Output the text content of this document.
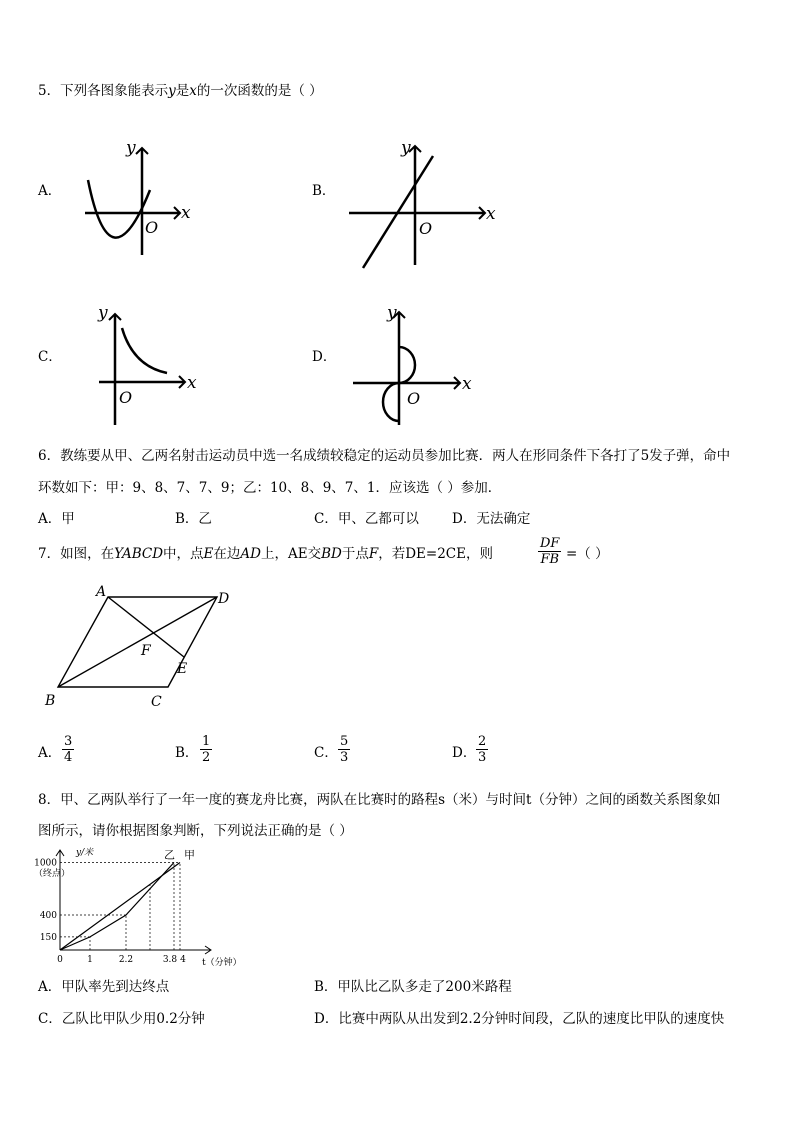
5．下列各图象能表示y是x的一次函数的是（ ）
A．
x
y
O
B．
x
y
O
C．
x
y
O
D．
x
y
O
6．教练要从甲、乙两名射击运动员中选一名成绩较稳定的运动员参加比赛．两人在形同条件下各打了5发子弹，命中
环数如下：甲：9、8、7、7、9；乙：10、8、9、7、1．应该选（ ）参加．
A．甲	B．乙	C．甲、乙都可以 D．无法确定
7．如图，在YABCD中，点E在边AD上，AE交BD于点F，若DE=2CE，则	$\frac{DF}{FB}$ =（ ）
A	D
B	C
E
F
A． $\frac{3}{4}$	B． $\frac{1}{2}$	C． $\frac{5}{3}$	D． $\frac{2}{3}$
8．甲、乙两队举行了一年一度的赛龙舟比赛，两队在比赛时的路程s（米）与时间t（分钟）之间的函数关系图象如
图所示，请你根据图象判断，下列说法正确的是（ ）
y/米
（终点）
t（分钟）
150
400
1000
0	1	2.2	3.8 4
甲
乙
A．甲队率先到达终点	B．甲队比乙队多走了200米路程
C．乙队比甲队少用0.2分钟	D．比赛中两队从出发到2.2分钟时间段，乙队的速度比甲队的速度快
